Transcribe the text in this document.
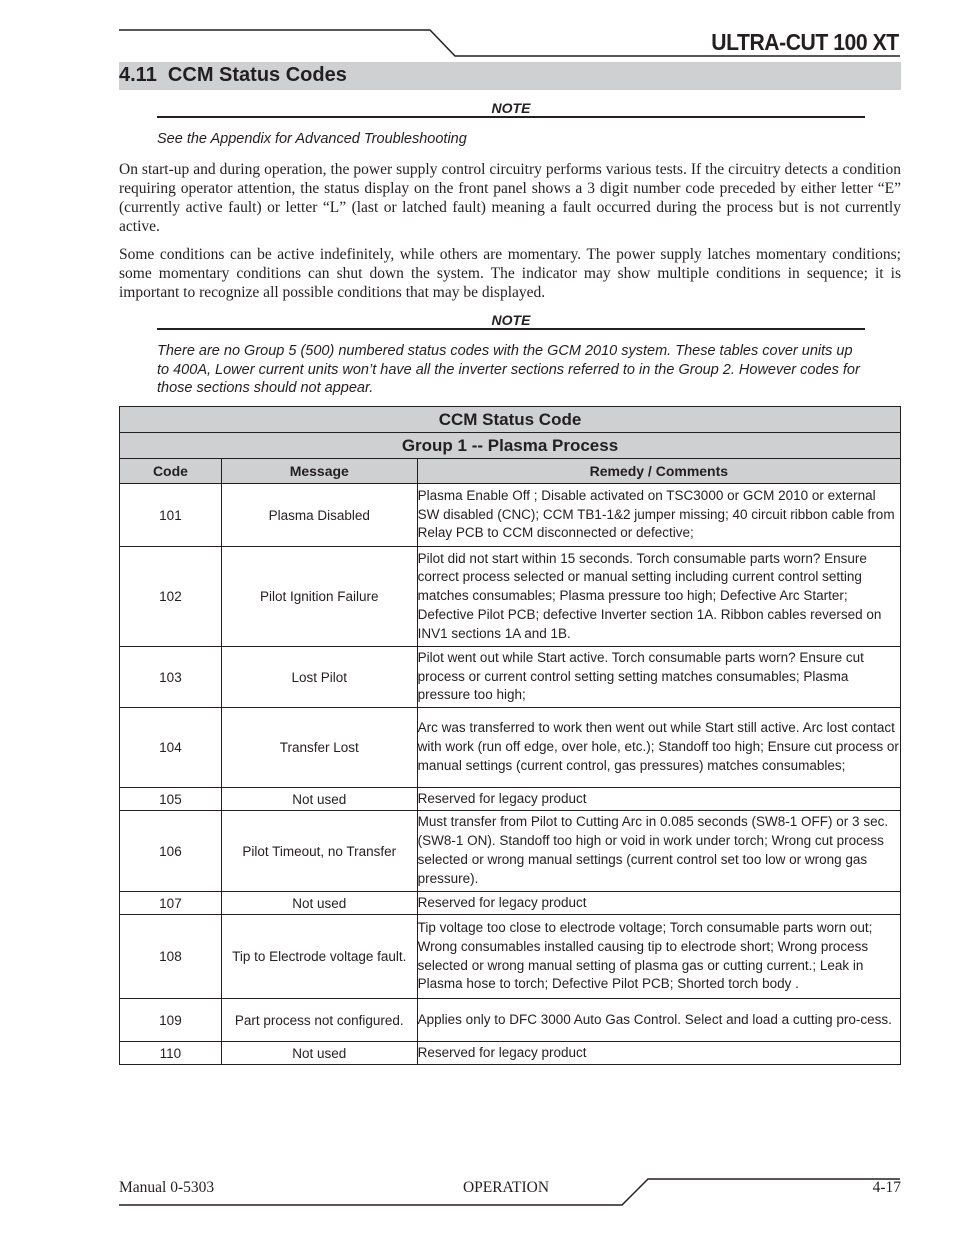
ULTRA-CUT 100 XT
4.11  CCM Status Codes
NOTE
See the Appendix for Advanced Troubleshooting
On start-up and during operation, the power supply control circuitry performs various tests. If the circuitry detects a condition requiring operator attention, the status display on the front panel shows a 3 digit number code preceded by either letter “E” (currently active fault) or letter “L” (last or latched fault) meaning a fault occurred during the process but is not currently active.
Some conditions can be active indefinitely, while others are momentary. The power supply latches momentary conditions; some momentary conditions can shut down the system. The indicator may show multiple conditions in sequence; it is important to recognize all possible conditions that may be displayed.
NOTE
There are no Group 5 (500) numbered status codes with the GCM 2010 system. These tables cover units up to 400A, Lower current units won’t have all the inverter sections referred to in the Group 2. However codes for those sections should not appear.
CCM Status Code		
Group 1 -- Plasma Process		
Code	Message	Remedy / Comments
101	Plasma Disabled	Plasma Enable Off ; Disable activated on TSC3000 or GCM 2010 or external SW disabled (CNC); CCM TB1-1&2 jumper missing; 40 circuit ribbon cable from Relay PCB to CCM disconnected or defective;
102	Pilot Ignition Failure	Pilot did not start within 15 seconds. Torch consumable parts worn? Ensure correct process selected or manual setting including current control setting matches consumables; Plasma pressure too high; Defective Arc Starter; Defective Pilot PCB; defective Inverter section 1A. Ribbon cables reversed on INV1 sections 1A and 1B.
103	Lost Pilot	Pilot went out while Start active. Torch consumable parts worn? Ensure cut process or current control setting setting matches consumables; Plasma pressure too high;
104	Transfer Lost	Arc was transferred to work then went out while Start still active. Arc lost contact with work (run off edge, over hole, etc.); Standoff too high; Ensure cut process or manual settings (current control, gas pressures) matches consumables;
105	Not used	Reserved for legacy product
106	Pilot Timeout, no Transfer	Must transfer from Pilot to Cutting Arc in 0.085 seconds (SW8-1 OFF) or 3 sec. (SW8-1 ON). Standoff too high or void in work under torch; Wrong cut process selected or wrong manual settings (current control set too low or wrong gas pressure).
107	Not used	Reserved for legacy product
108	Tip to Electrode voltage fault.	Tip voltage too close to electrode voltage; Torch consumable parts worn out; Wrong consumables installed causing tip to electrode short; Wrong process selected or wrong manual setting of plasma gas or cutting current.; Leak in Plasma hose to torch; Defective Pilot PCB; Shorted torch body .
109	Part process not configured.	Applies only to DFC 3000 Auto Gas Control. Select and load a cutting pro-cess.
110	Not used	Reserved for legacy product
Manual 0-5303	OPERATION	4-17
